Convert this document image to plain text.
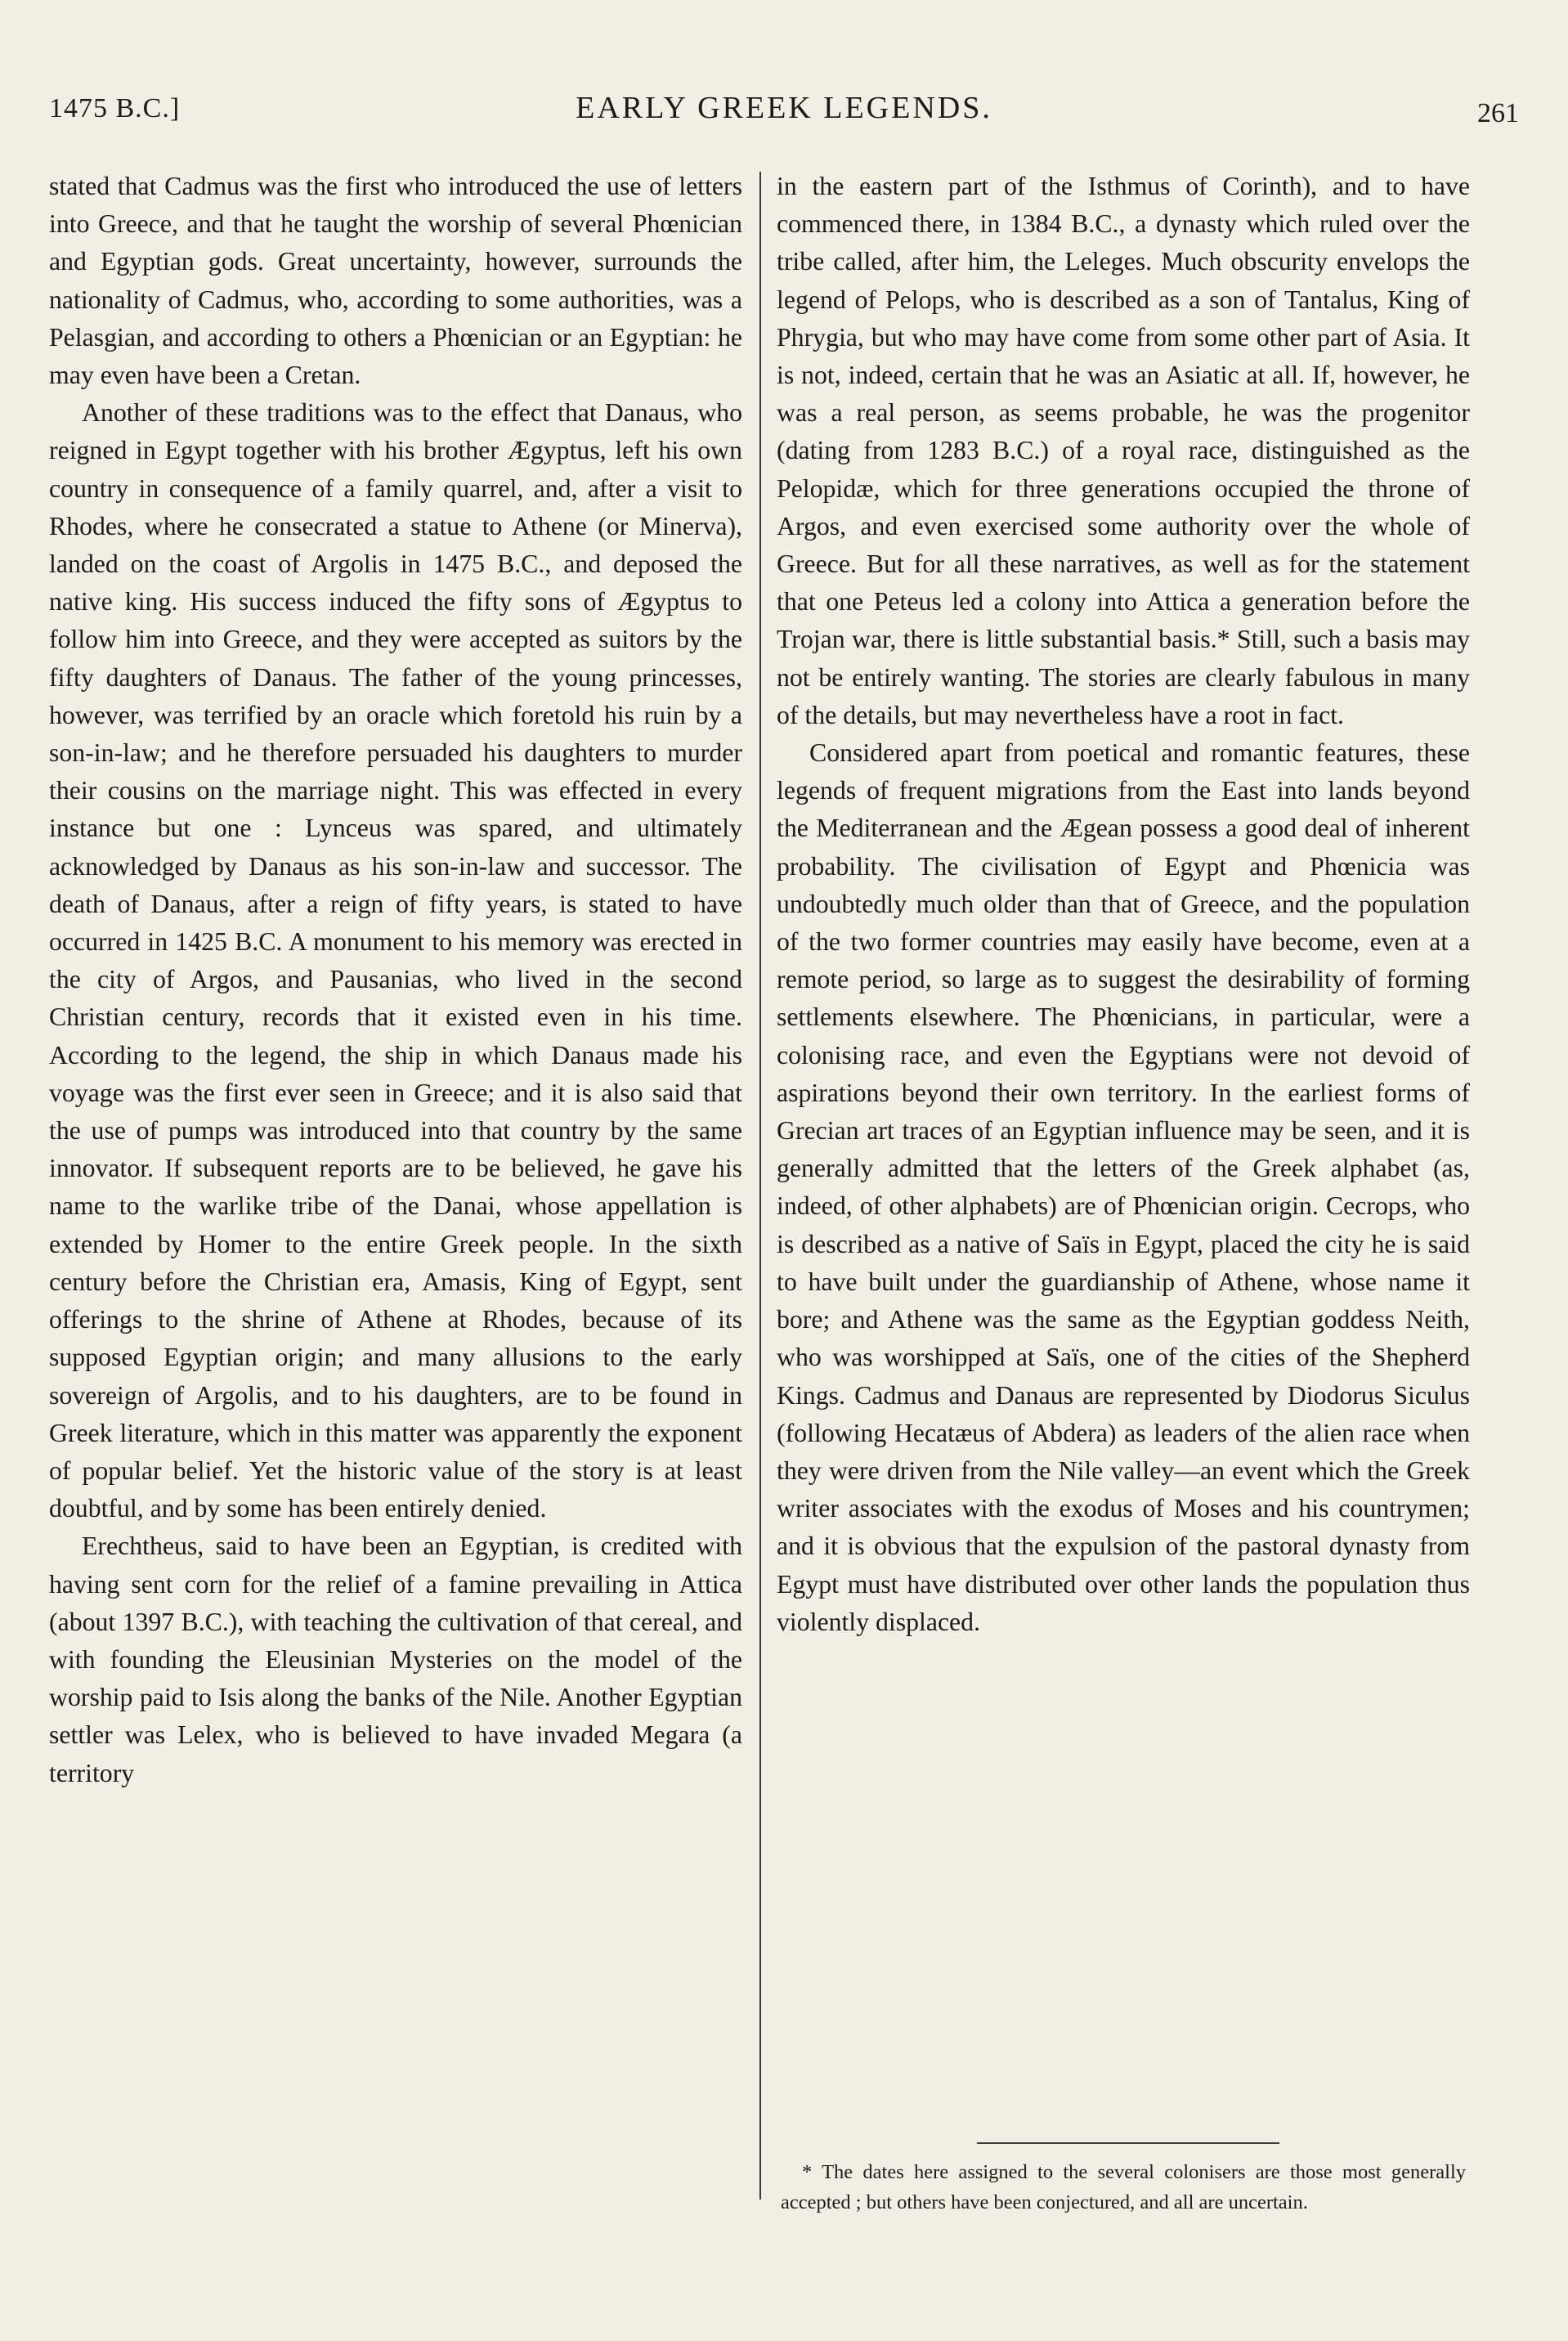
1475 B.C.]	EARLY GREEK LEGENDS.	261

stated that Cadmus was the first who introduced the use of letters into Greece, and that he taught the worship of several Phœnician and Egyptian gods. Great uncertainty, however, surrounds the nationality of Cadmus, who, according to some authorities, was a Pelasgian, and according to others a Phœnician or an Egyptian: he may even have been a Cretan.

Another of these traditions was to the effect that Danaus, who reigned in Egypt together with his brother Ægyptus, left his own country in consequence of a family quarrel, and, after a visit to Rhodes, where he consecrated a statue to Athene (or Minerva), landed on the coast of Argolis in 1475 B.C., and deposed the native king. His success induced the fifty sons of Ægyptus to follow him into Greece, and they were accepted as suitors by the fifty daughters of Danaus. The father of the young princesses, however, was terrified by an oracle which foretold his ruin by a son-in-law; and he therefore persuaded his daughters to murder their cousins on the marriage night. This was effected in every instance but one : Lynceus was spared, and ultimately acknowledged by Danaus as his son-in-law and successor. The death of Danaus, after a reign of fifty years, is stated to have occurred in 1425 B.C. A monument to his memory was erected in the city of Argos, and Pausanias, who lived in the second Christian century, records that it existed even in his time. According to the legend, the ship in which Danaus made his voyage was the first ever seen in Greece; and it is also said that the use of pumps was introduced into that country by the same innovator. If subsequent reports are to be believed, he gave his name to the warlike tribe of the Danai, whose appellation is extended by Homer to the entire Greek people. In the sixth century before the Christian era, Amasis, King of Egypt, sent offerings to the shrine of Athene at Rhodes, because of its supposed Egyptian origin; and many allusions to the early sovereign of Argolis, and to his daughters, are to be found in Greek literature, which in this matter was apparently the exponent of popular belief. Yet the historic value of the story is at least doubtful, and by some has been entirely denied.

Erechtheus, said to have been an Egyptian, is credited with having sent corn for the relief of a famine prevailing in Attica (about 1397 B.C.), with teaching the cultivation of that cereal, and with founding the Eleusinian Mysteries on the model of the worship paid to Isis along the banks of the Nile. Another Egyptian settler was Lelex, who is believed to have invaded Megara (a territory

in the eastern part of the Isthmus of Corinth), and to have commenced there, in 1384 B.C., a dynasty which ruled over the tribe called, after him, the Leleges. Much obscurity envelops the legend of Pelops, who is described as a son of Tantalus, King of Phrygia, but who may have come from some other part of Asia. It is not, indeed, certain that he was an Asiatic at all. If, however, he was a real person, as seems probable, he was the progenitor (dating from 1283 B.C.) of a royal race, distinguished as the Pelopidæ, which for three generations occupied the throne of Argos, and even exercised some authority over the whole of Greece. But for all these narratives, as well as for the statement that one Peteus led a colony into Attica a generation before the Trojan war, there is little substantial basis.* Still, such a basis may not be entirely wanting. The stories are clearly fabulous in many of the details, but may nevertheless have a root in fact.

Considered apart from poetical and romantic features, these legends of frequent migrations from the East into lands beyond the Mediterranean and the Ægean possess a good deal of inherent probability. The civilisation of Egypt and Phœnicia was undoubtedly much older than that of Greece, and the population of the two former countries may easily have become, even at a remote period, so large as to suggest the desirability of forming settlements elsewhere. The Phœnicians, in particular, were a colonising race, and even the Egyptians were not devoid of aspirations beyond their own territory. In the earliest forms of Grecian art traces of an Egyptian influence may be seen, and it is generally admitted that the letters of the Greek alphabet (as, indeed, of other alphabets) are of Phœnician origin. Cecrops, who is described as a native of Saïs in Egypt, placed the city he is said to have built under the guardianship of Athene, whose name it bore; and Athene was the same as the Egyptian goddess Neith, who was worshipped at Saïs, one of the cities of the Shepherd Kings. Cadmus and Danaus are represented by Diodorus Siculus (following Hecatæus of Abdera) as leaders of the alien race when they were driven from the Nile valley—an event which the Greek writer associates with the exodus of Moses and his countrymen; and it is obvious that the expulsion of the pastoral dynasty from Egypt must have distributed over other lands the population thus violently displaced.

* The dates here assigned to the several colonisers are those most generally accepted ; but others have been conjectured, and all are uncertain.
